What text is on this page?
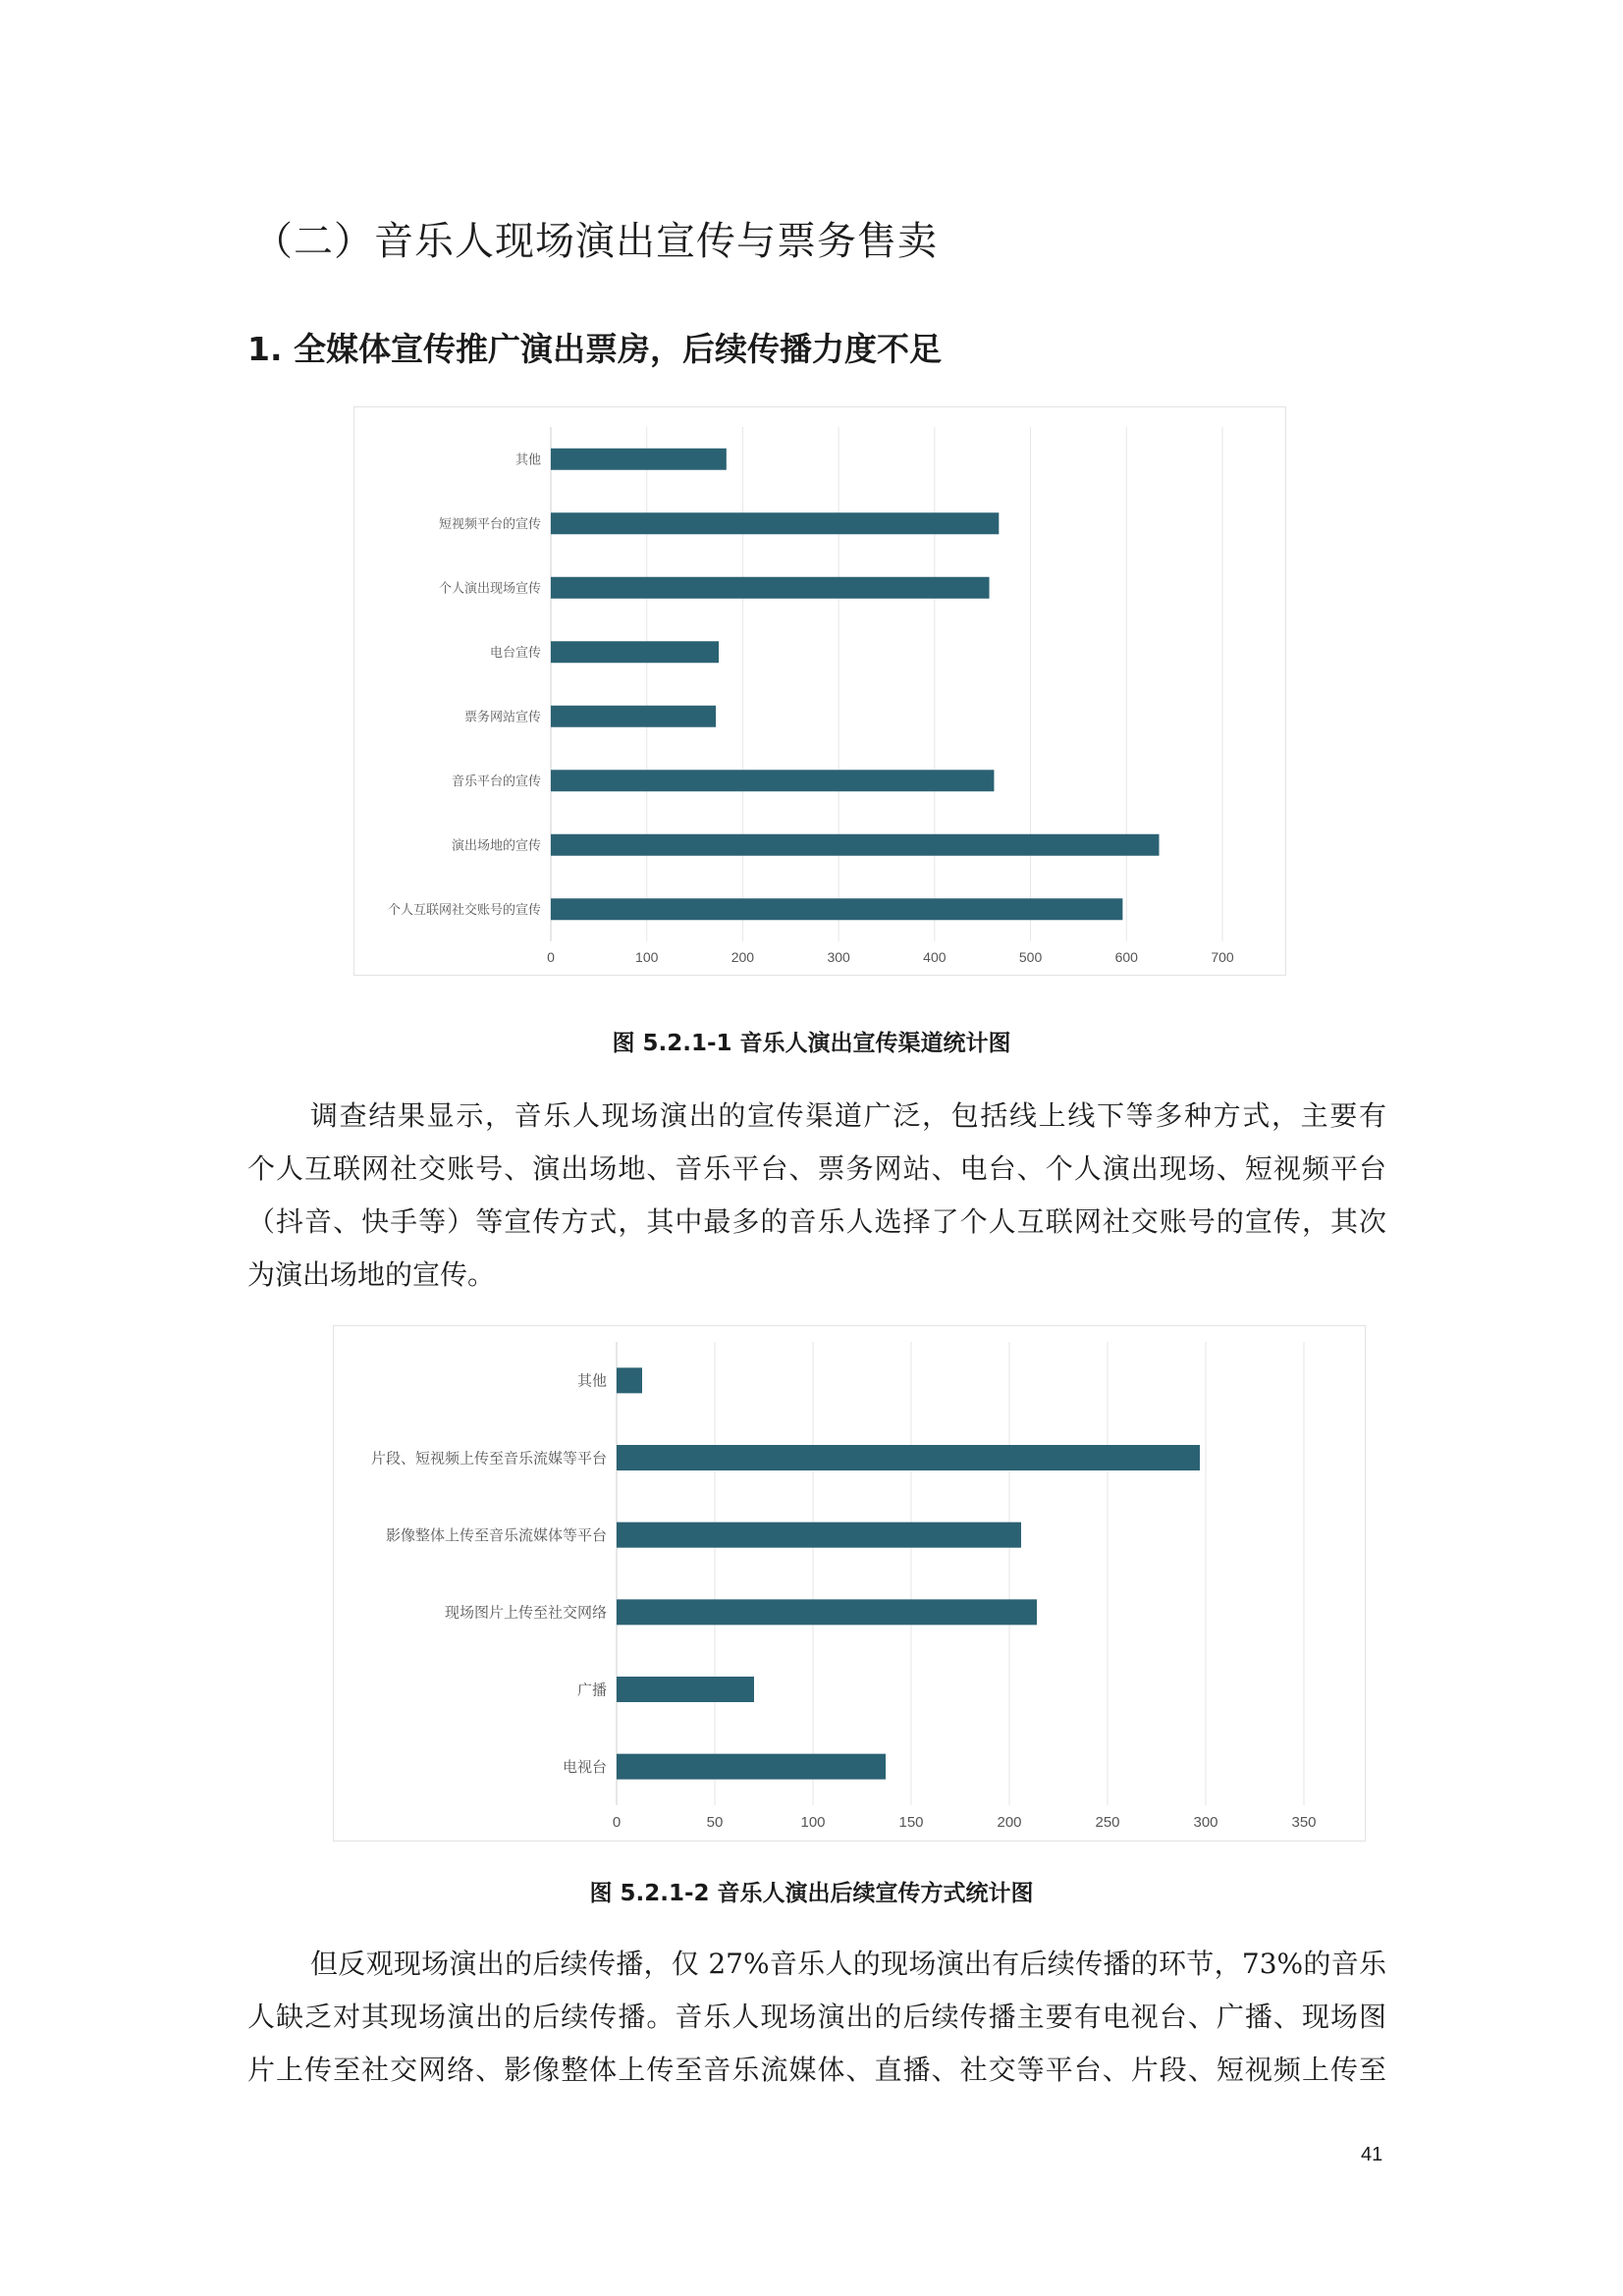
（二）音乐人现场演出宣传与票务售卖
1. 全媒体宣传推广演出票房，后续传播力度不足
0	100	200	300	400	500	600	700
其他
短视频平台的宣传
个人演出现场宣传
电台宣传
票务网站宣传
音乐平台的宣传
演出场地的宣传
个人互联网社交账号的宣传
图 5.2.1-1 音乐人演出宣传渠道统计图
调查结果显示，音乐人现场演出的宣传渠道广泛，包括线上线下等多种方式，主要有
个人互联网社交账号、演出场地、音乐平台、票务网站、电台、个人演出现场、短视频平台
（抖音、快手等）等宣传方式，其中最多的音乐人选择了个人互联网社交账号的宣传，其次
为演出场地的宣传。
0	50	100	150	200	250	300	350
其他
片段、短视频上传至音乐流媒等平台
影像整体上传至音乐流媒体等平台
现场图片上传至社交网络
广播
电视台
图 5.2.1-2 音乐人演出后续宣传方式统计图
但反观现场演出的后续传播，仅 27%音乐人的现场演出有后续传播的环节，73%的音乐
人缺乏对其现场演出的后续传播。音乐人现场演出的后续传播主要有电视台、广播、现场图
片上传至社交网络、影像整体上传至音乐流媒体、直播、社交等平台、片段、短视频上传至
41
